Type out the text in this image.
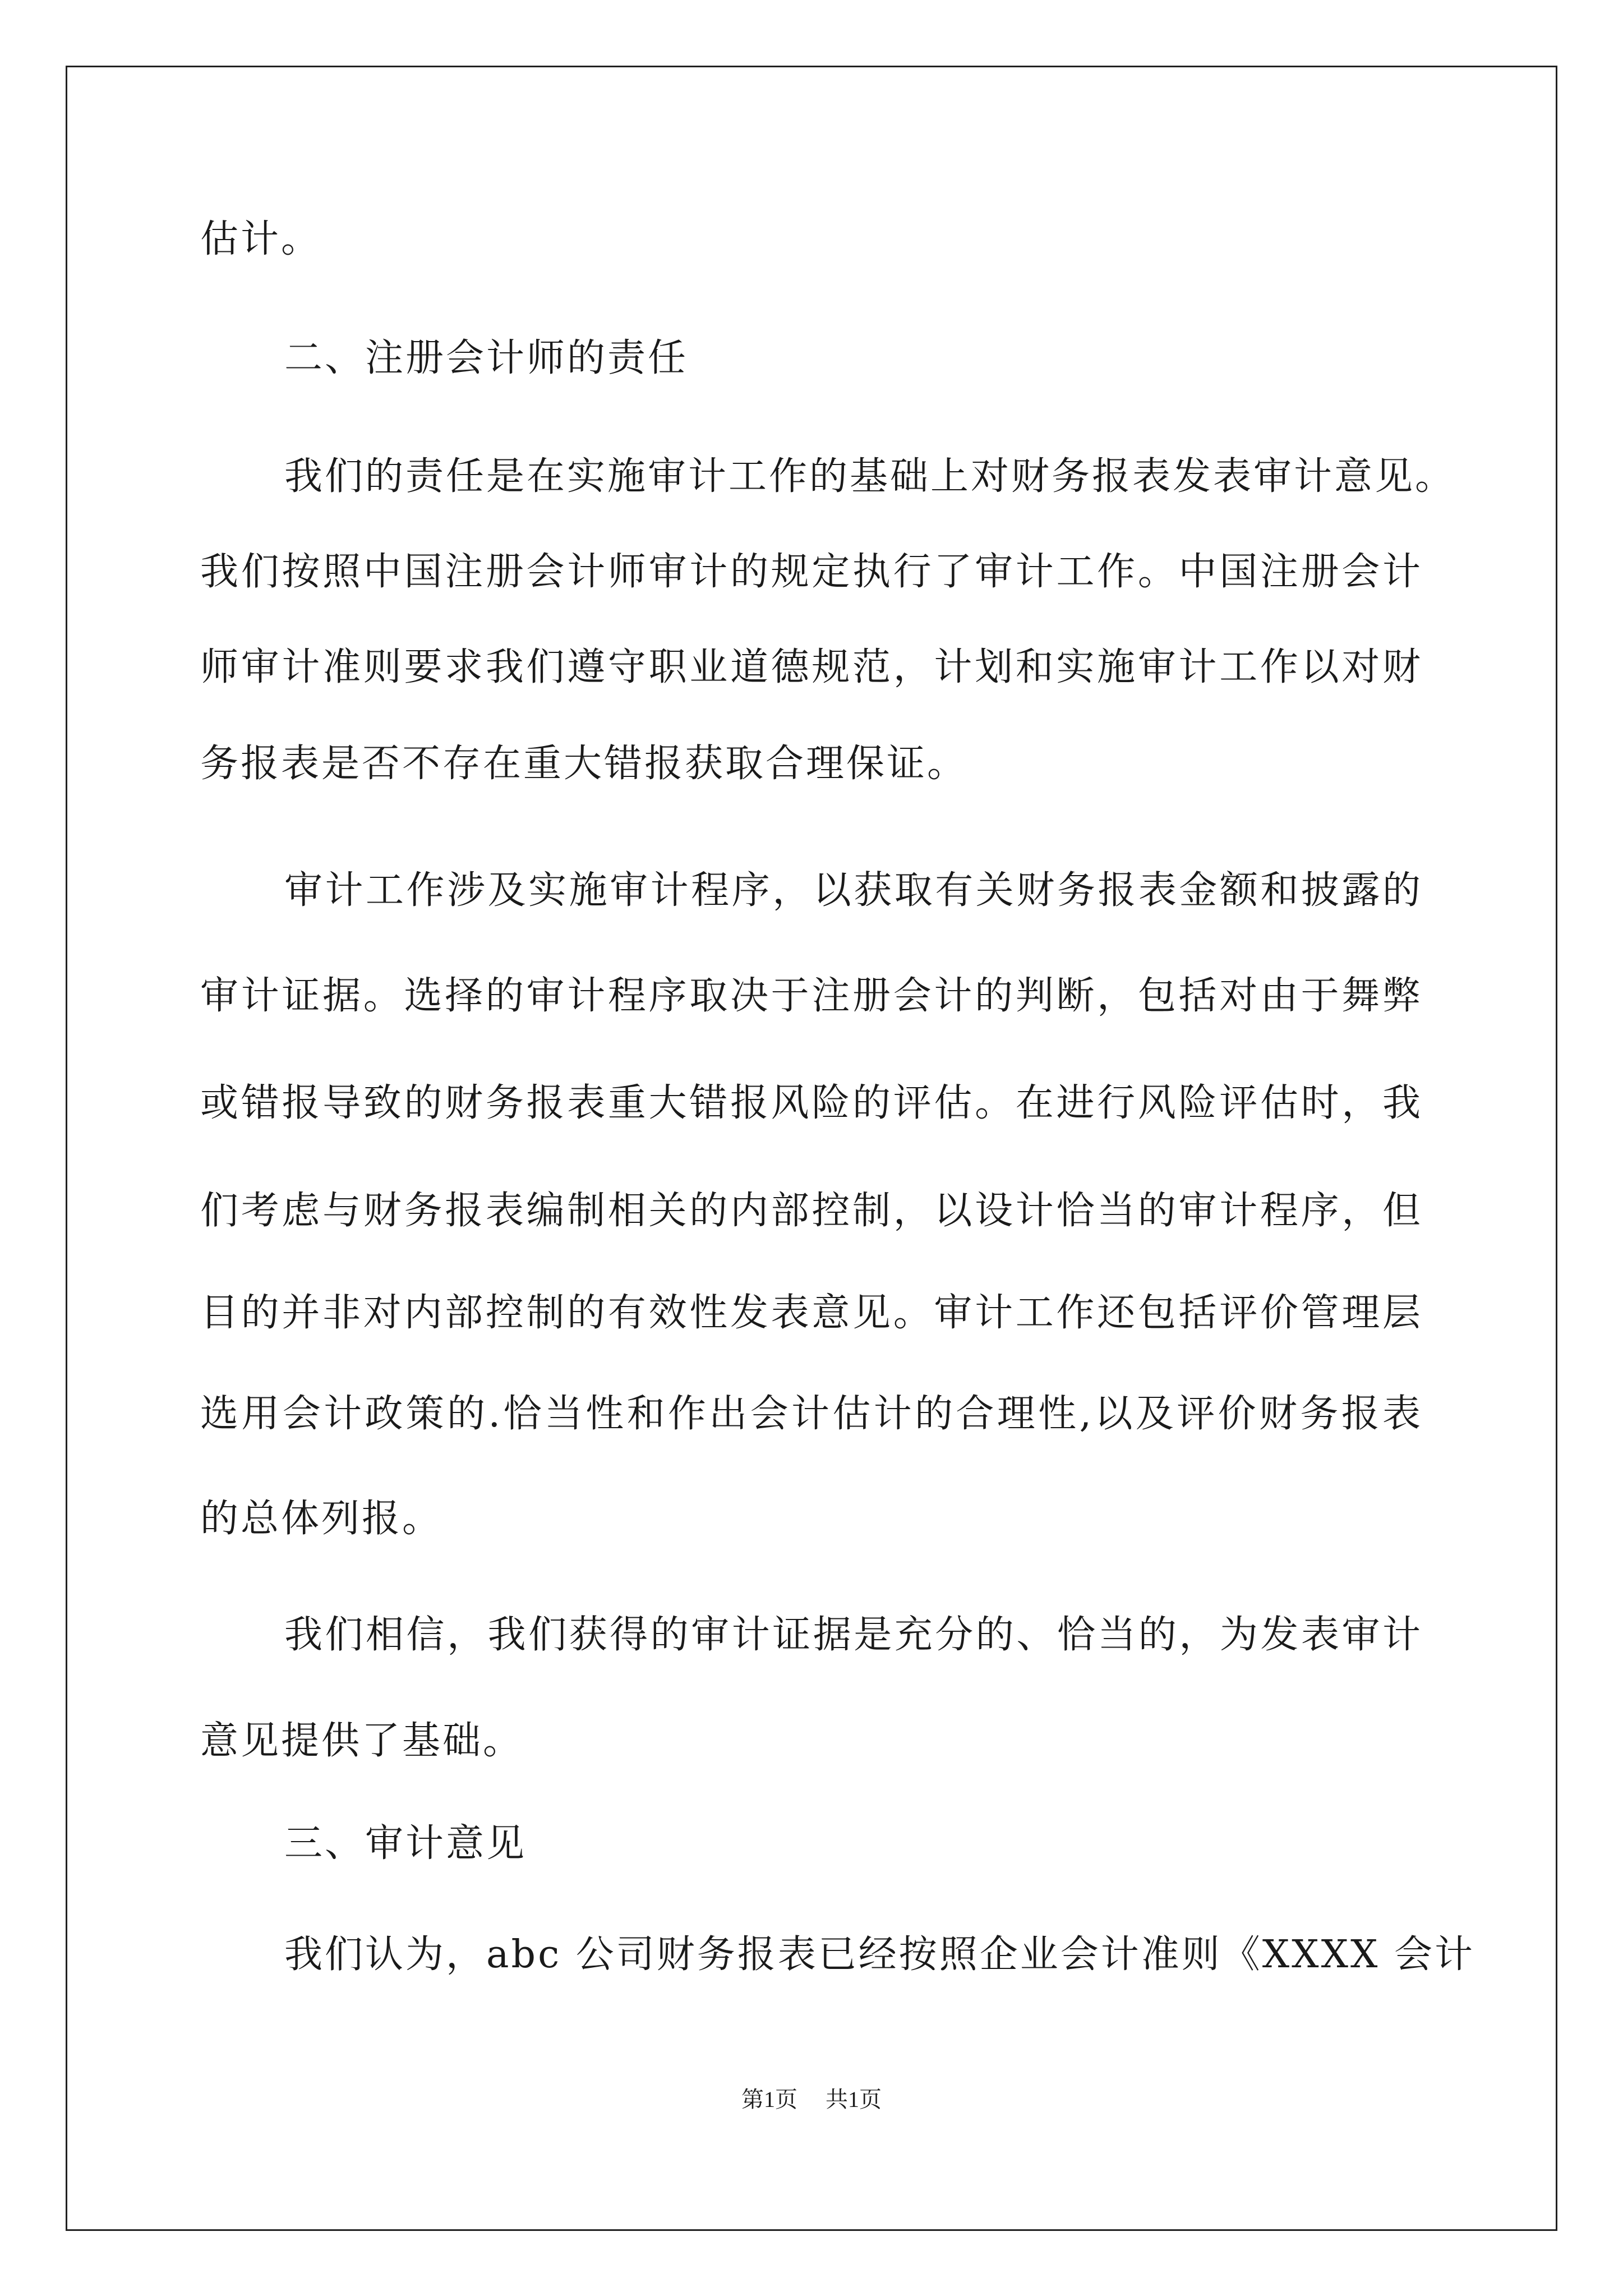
估计。
二、注册会计师的责任
我们的责任是在实施审计工作的基础上对财务报表发表审计意见。
我们按照中国注册会计师审计的规定执行了审计工作。中国注册会计
师审计准则要求我们遵守职业道德规范，计划和实施审计工作以对财
务报表是否不存在重大错报获取合理保证。
审计工作涉及实施审计程序，以获取有关财务报表金额和披露的
审计证据。选择的审计程序取决于注册会计的判断，包括对由于舞弊
或错报导致的财务报表重大错报风险的评估。在进行风险评估时，我
们考虑与财务报表编制相关的内部控制，以设计恰当的审计程序，但
目的并非对内部控制的有效性发表意见。审计工作还包括评价管理层
选用会计政策的.恰当性和作出会计估计的合理性,以及评价财务报表
的总体列报。
我们相信，我们获得的审计证据是充分的、恰当的，为发表审计
意见提供了基础。
三、审计意见
我们认为，abc 公司财务报表已经按照企业会计准则《XXXX 会计
第1页 共1页
